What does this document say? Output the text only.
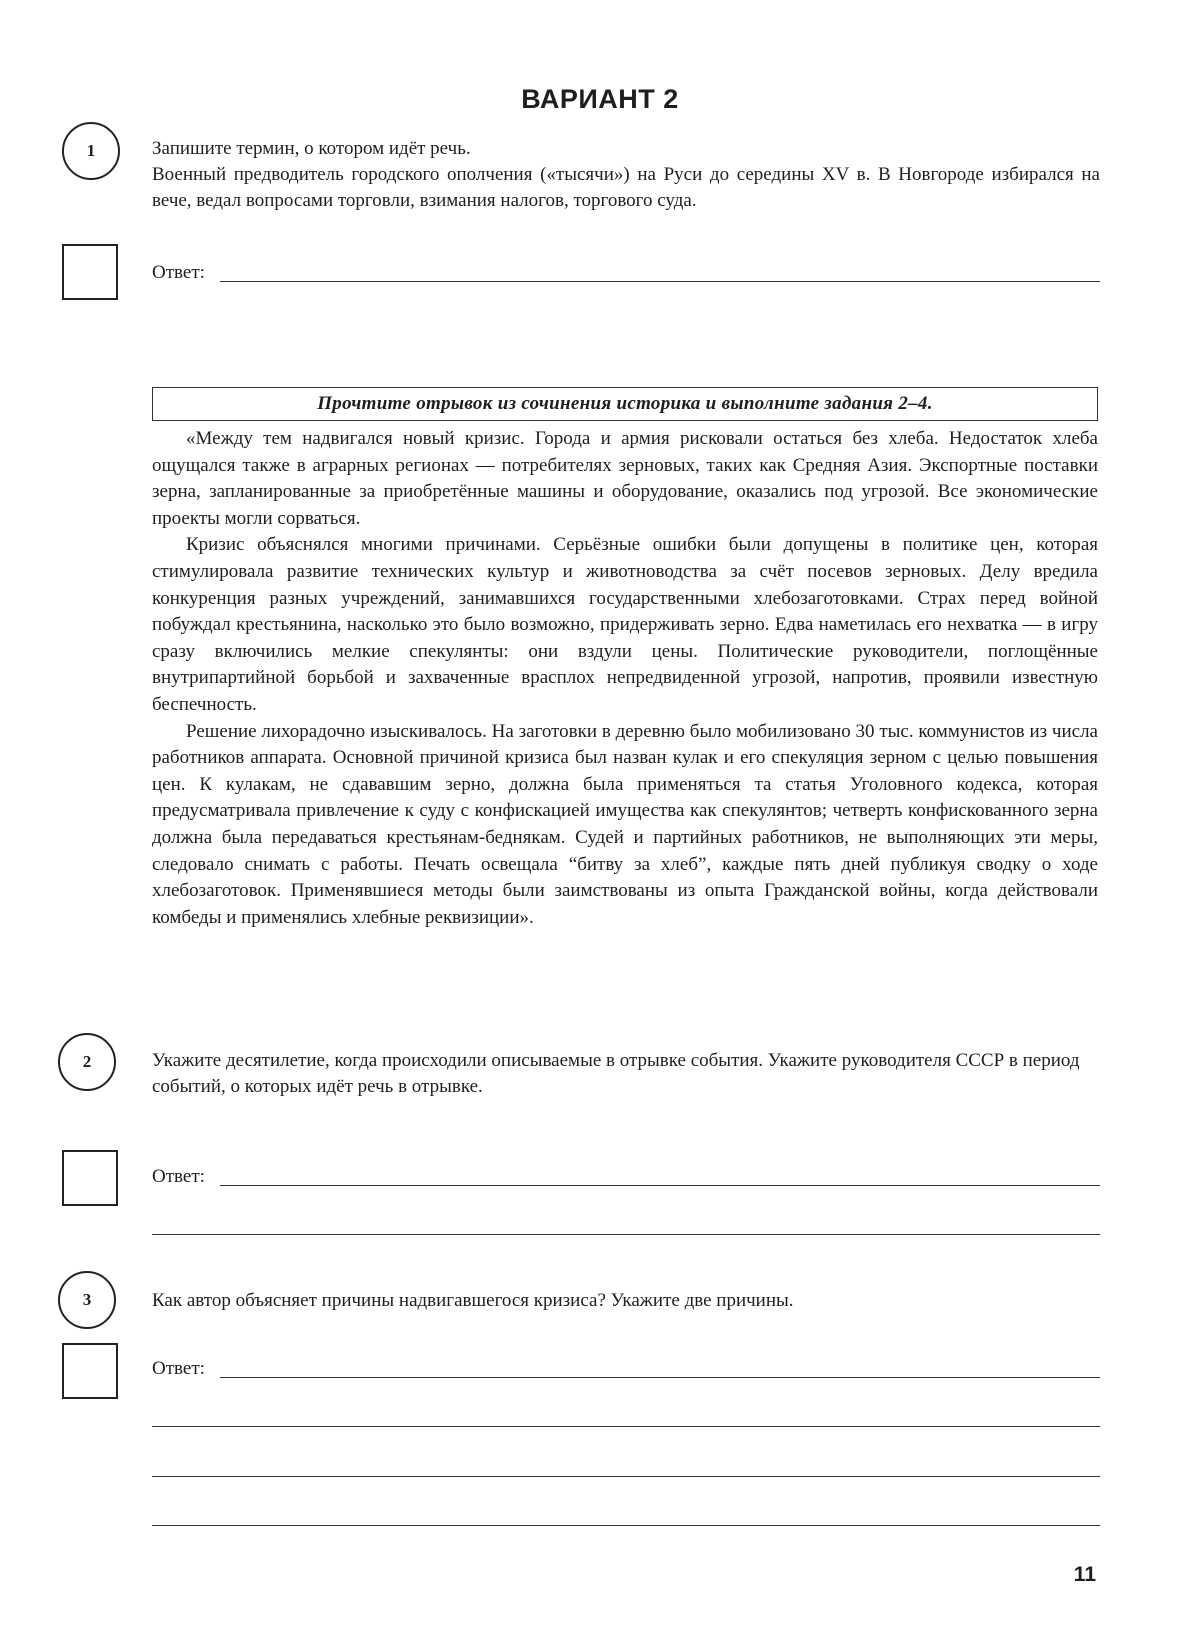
ВАРИАНТ 2
1	Запишите термин, о котором идёт речь.

Военный предводитель городского ополчения («тысячи») на Руси до середины XV в. В Новгороде избирался на вече, ведал вопросами торговли, взимания налогов, торгового суда.

Ответ:
Прочтите отрывок из сочинения историка и выполните задания 2–4.

«Между тем надвигался новый кризис. Города и армия рисковали остаться без хлеба. Недостаток хлеба ощущался также в аграрных регионах — потребителях зерновых, таких как Средняя Азия. Экспортные поставки зерна, запланированные за приобретённые машины и оборудование, оказались под угрозой. Все экономические проекты могли сорваться.

Кризис объяснялся многими причинами. Серьёзные ошибки были допущены в политике цен, которая стимулировала развитие технических культур и животноводства за счёт посевов зерновых. Делу вредила конкуренция разных учреждений, занимавшихся государственными хлебозаготовками. Страх перед войной побуждал крестьянина, насколько это было возможно, придерживать зерно. Едва наметилась его нехватка — в игру сразу включились мелкие спекулянты: они вздули цены. Политические руководители, поглощённые внутрипартийной борьбой и захваченные врасплох непредвиденной угрозой, напротив, проявили известную беспечность.

Решение лихорадочно изыскивалось. На заготовки в деревню было мобилизовано 30 тыс. коммунистов из числа работников аппарата. Основной причиной кризиса был назван кулак и его спекуляция зерном с целью повышения цен. К кулакам, не сдававшим зерно, должна была применяться та статья Уголовного кодекса, которая предусматривала привлечение к суду с конфискацией имущества как спекулянтов; четверть конфискованного зерна должна была передаваться крестьянам-беднякам. Судей и партийных работников, не выполняющих эти меры, следовало снимать с работы. Печать освещала “битву за хлеб”, каждые пять дней публикуя сводку о ходе хлебозаготовок. Применявшиеся методы были заимствованы из опыта Гражданской войны, когда действовали комбеды и применялись хлебные реквизиции».

2	Укажите десятилетие, когда происходили описываемые в отрывке события. Укажите руководителя СССР в период событий, о которых идёт речь в отрывке.
Ответ:
3	Как автор объясняет причины надвигавшегося кризиса? Укажите две причины.
Ответ:
11
